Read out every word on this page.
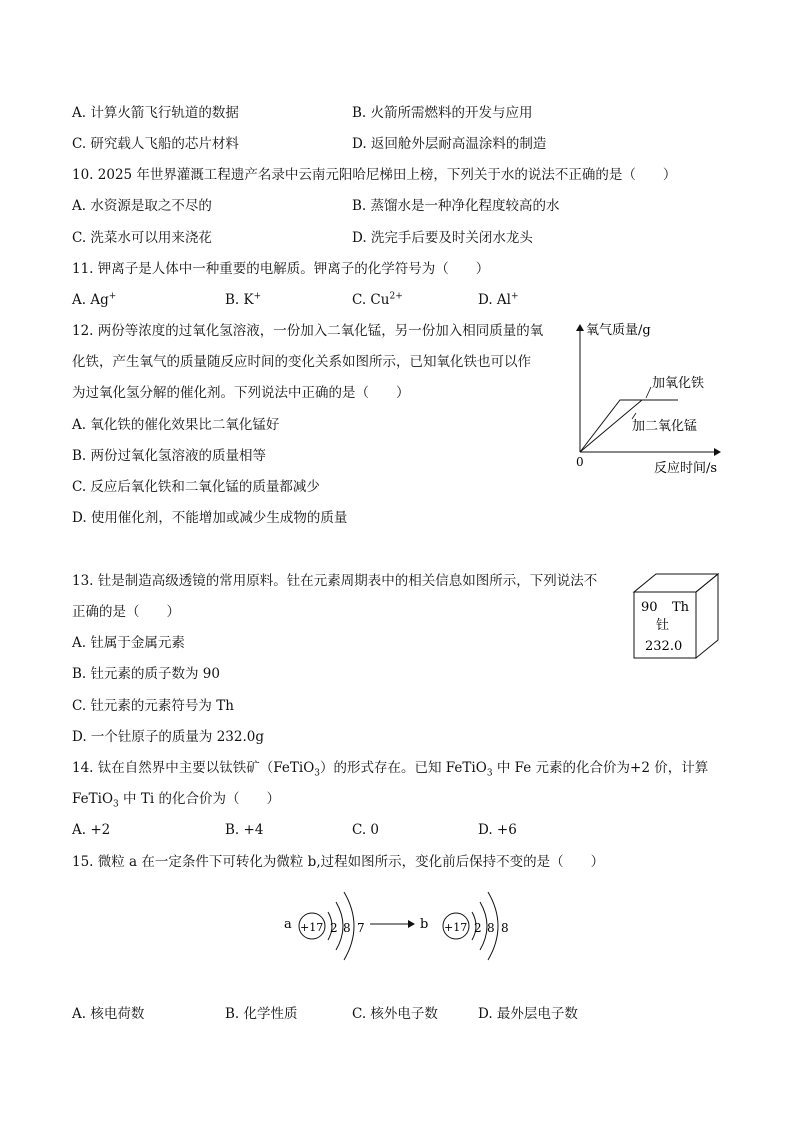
A. 计算火箭飞行轨道的数据	B. 火箭所需燃料的开发与应用
C. 研究载人飞船的芯片材料	D. 返回舱外层耐高温涂料的制造
10. 2025 年世界灌溉工程遗产名录中云南元阳哈尼梯田上榜，下列关于水的说法不正确的是（　　）
A. 水资源是取之不尽的	B. 蒸馏水是一种净化程度较高的水
C. 洗菜水可以用来浇花	D. 洗完手后要及时关闭水龙头
11. 钾离子是人体中一种重要的电解质。钾离子的化学符号为（　　）
A. Ag+	B. K+	C. $Cu^{2+}$	D. Al+
12. 两份等浓度的过氧化氢溶液，一份加入二氧化锰，另一份加入相同质量的氧
化铁，产生氧气的质量随反应时间的变化关系如图所示，已知氧化铁也可以作
为过氧化氢分解的催化剂。下列说法中正确的是（　　）
A. 氧化铁的催化效果比二氧化锰好
B. 两份过氧化氢溶液的质量相等
C. 反应后氧化铁和二氧化锰的质量都减少
D. 使用催化剂，不能增加或减少生成物的质量
氧气质量/g
反应时间/s
0
加氧化铁
加二氧化锰
13. 钍是制造高级透镜的常用原料。钍在元素周期表中的相关信息如图所示，下列说法不
正确的是（　　）
A. 钍属于金属元素
B. 钍元素的质子数为 90
C. 钍元素的元素符号为 Th
D. 一个钍原子的质量为 232.0g
90 Th
钍
232.0
14. 钛在自然界中主要以钛铁矿（FeTiO$_3$）的形式存在。已知 FeTiO$_3$ 中 Fe 元素的化合价为+2 价，计算
FeTiO$_3$ 中 Ti 的化合价为（　　）
A. +2	B. +4	C. 0	D. +6
15. 微粒 a 在一定条件下可转化为微粒 b,过程如图所示，变化前后保持不变的是（　　）
a +17 2 8 7	b +17 2 8 8
A. 核电荷数	B. 化学性质	C. 核外电子数	D. 最外层电子数
